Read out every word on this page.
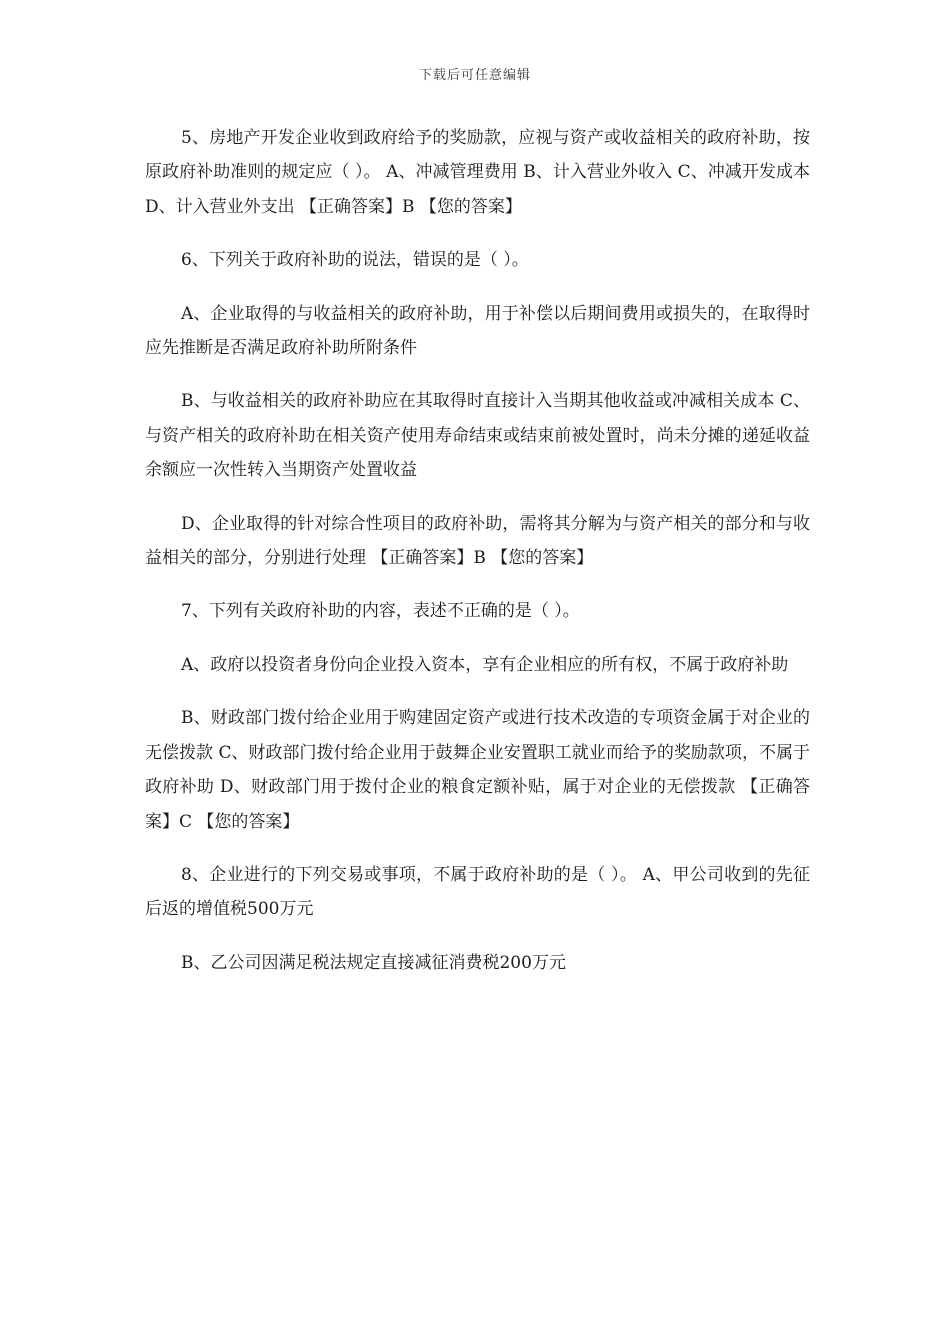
下载后可任意编辑

5、房地产开发企业收到政府给予的奖励款，应视与资产或收益相关的政府补助，按原政府补助准则的规定应（ ）。 A、冲减管理费用 B、计入营业外收入 C、冲减开发成本 D、计入营业外支出 【正确答案】B 【您的答案】

6、下列关于政府补助的说法，错误的是（ ）。

A、企业取得的与收益相关的政府补助，用于补偿以后期间费用或损失的，在取得时应先推断是否满足政府补助所附条件

B、与收益相关的政府补助应在其取得时直接计入当期其他收益或冲减相关成本 C、与资产相关的政府补助在相关资产使用寿命结束或结束前被处置时，尚未分摊的递延收益余额应一次性转入当期资产处置收益

D、企业取得的针对综合性项目的政府补助，需将其分解为与资产相关的部分和与收益相关的部分，分别进行处理 【正确答案】B 【您的答案】

7、下列有关政府补助的内容，表述不正确的是（ ）。

A、政府以投资者身份向企业投入资本，享有企业相应的所有权，不属于政府补助

B、财政部门拨付给企业用于购建固定资产或进行技术改造的专项资金属于对企业的无偿拨款 C、财政部门拨付给企业用于鼓舞企业安置职工就业而给予的奖励款项，不属于政府补助 D、财政部门用于拨付企业的粮食定额补贴，属于对企业的无偿拨款 【正确答案】C 【您的答案】

8、企业进行的下列交易或事项，不属于政府补助的是（ ）。 A、甲公司收到的先征后返的增值税500万元

B、乙公司因满足税法规定直接减征消费税200万元
